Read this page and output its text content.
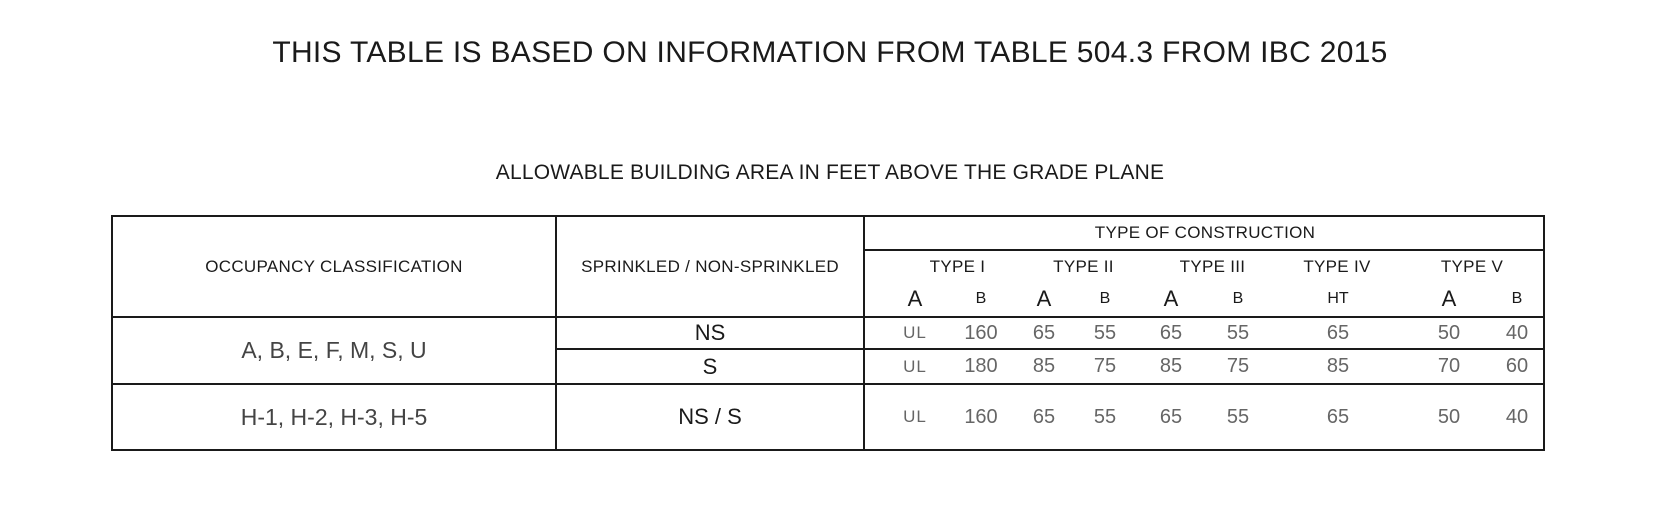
THIS TABLE IS BASED ON INFORMATION FROM TABLE 504.3 FROM IBC 2015
ALLOWABLE BUILDING AREA IN FEET ABOVE THE GRADE PLANE
OCCUPANCY CLASSIFICATION	SPRINKLED / NON-SPRINKLED
TYPE OF CONSTRUCTION
TYPE I	TYPE II	TYPE III	TYPE IV	TYPE V
A	B	A	B	A	B	HT	A	B
A, B, E, F, M, S, U
NS	UL	160	65	55	65	55	65	50	40
S	UL	180	85	75	85	75	85	70	60
H-1, H-2, H-3, H-5	NS / S	UL	160	65	55	65	55	65	50	40
